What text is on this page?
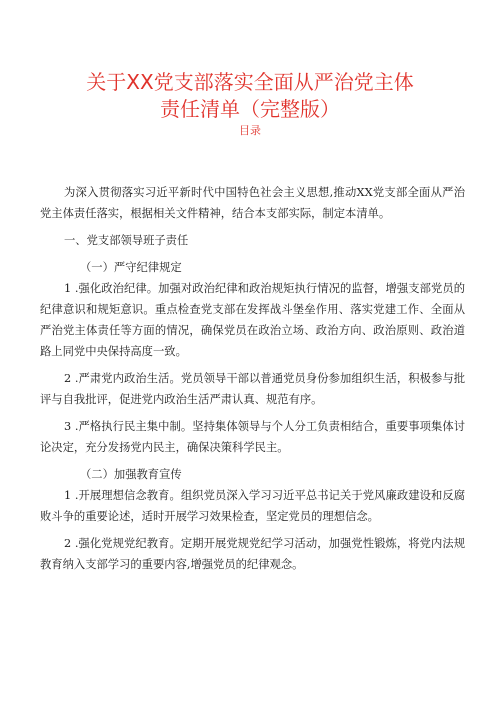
关于XX党支部落实全面从严治党主体
责任清单（完整版）
目录

为深入贯彻落实习近平新时代中国特色社会主义思想,推动XX党支部全面从严治党主体责任落实，根据相关文件精神，结合本支部实际，制定本清单。

一、党支部领导班子责任

（一）严守纪律规定

1 .强化政治纪律。加强对政治纪律和政治规矩执行情况的监督，增强支部党员的纪律意识和规矩意识。重点检查党支部在发挥战斗堡垒作用、落实党建工作、全面从严治党主体责任等方面的情况，确保党员在政治立场、政治方向、政治原则、政治道路上同党中央保持高度一致。

2 .严肃党内政治生活。党员领导干部以普通党员身份参加组织生活，积极参与批评与自我批评，促进党内政治生活严肃认真、规范有序。

3 .严格执行民主集中制。坚持集体领导与个人分工负责相结合，重要事项集体讨论决定，充分发扬党内民主，确保决策科学民主。

（二）加强教育宣传

1 .开展理想信念教育。组织党员深入学习习近平总书记关于党风廉政建设和反腐败斗争的重要论述，适时开展学习效果检查，坚定党员的理想信念。

2 .强化党规党纪教育。定期开展党规党纪学习活动，加强党性锻炼，将党内法规教育纳入支部学习的重要内容,增强党员的纪律观念。
